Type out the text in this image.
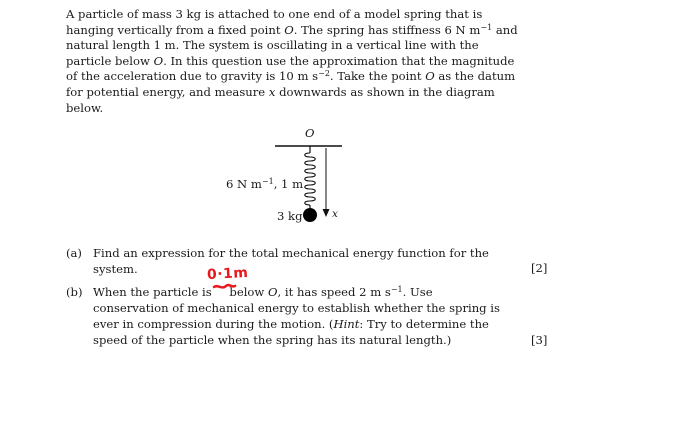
A particle of mass 3 kg is attached to one end of a model spring that is
hanging vertically from a fixed point O. The spring has stiffness 6 N $m^{-1}$ and
natural length 1 m. The system is oscillating in a vertical line with the
particle below O. In this question use the approximation that the magnitude
of the acceleration due to gravity is 10 m $s^{-2}$. Take the point O as the datum
for potential energy, and measure x downwards as shown in the diagram
below.

O
6 N $m^{-1}$, 1 m
3 kg	x
(a) Find an expression for the total mechanical energy function for the
system.	[2]
0·1m
(b) When the particle is below O, it has speed 2 m $s^{-1}$. Use
conservation of mechanical energy to establish whether the spring is
ever in compression during the motion. (Hint: Try to determine the
speed of the particle when the spring has its natural length.)	[3]
